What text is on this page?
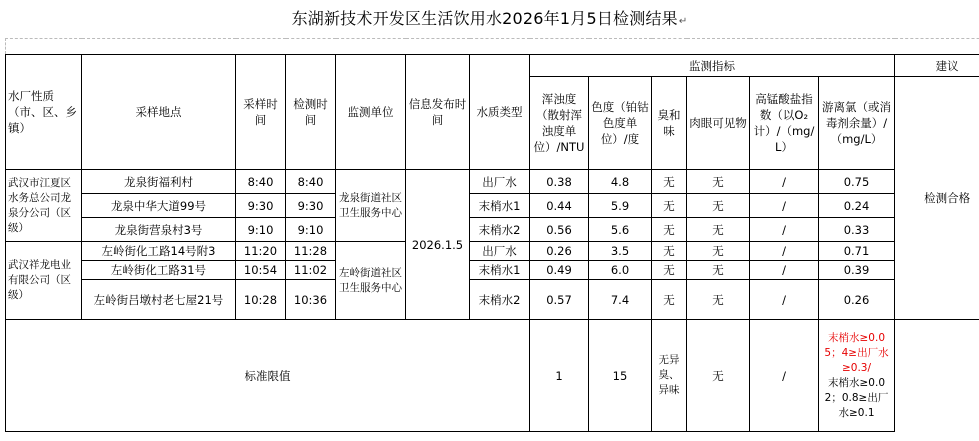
东湖新技术开发区生活饮用水2026年1月5日检测结果↵

水厂性质（市、区、乡镇）	采样地点	采样时间	检测时间	监测单位	信息发布时间	水质类型	监测指标						建议
							浑浊度（散射浑浊度单位）/NTU	色度（铂钴色度单位）/度	臭和味	肉眼可见物	高锰酸盐指数（以O₂计）/（mg/L）	游离氯（或消毒剂余量）/（mg/L）	检测合格
武汉市江夏区水务总公司龙泉分公司（区级）	龙泉街福利村	8:40	8:40	龙泉街道社区卫生服务中心	2026.1.5	出厂水	0.38	4.8	无	无	/	0.75	
	龙泉中华大道99号	9:30	9:30			末梢水1	0.44	5.9	无	无	/	0.24	
	龙泉街营泉村3号	9:10	9:10			末梢水2	0.56	5.6	无	无	/	0.33	
武汉祥龙电业有限公司（区级）	左岭街化工路14号附3	11:20	11:28	左岭街道社区卫生服务中心		出厂水	0.26	3.5	无	无	/	0.71	
	左岭街化工路31号	10:54	11:02			末梢水1	0.49	6.0	无	无	/	0.39	
	左岭街吕墩村老七屋21号	10:28	10:36			末梢水2	0.57	7.4	无	无	/	0.26	
标准限值							1	15	无异臭、异味	无	/	末梢水≥0.05；4≥出厂水≥0.3/
末梢水≥0.02；0.8≥出厂水≥0.1	
